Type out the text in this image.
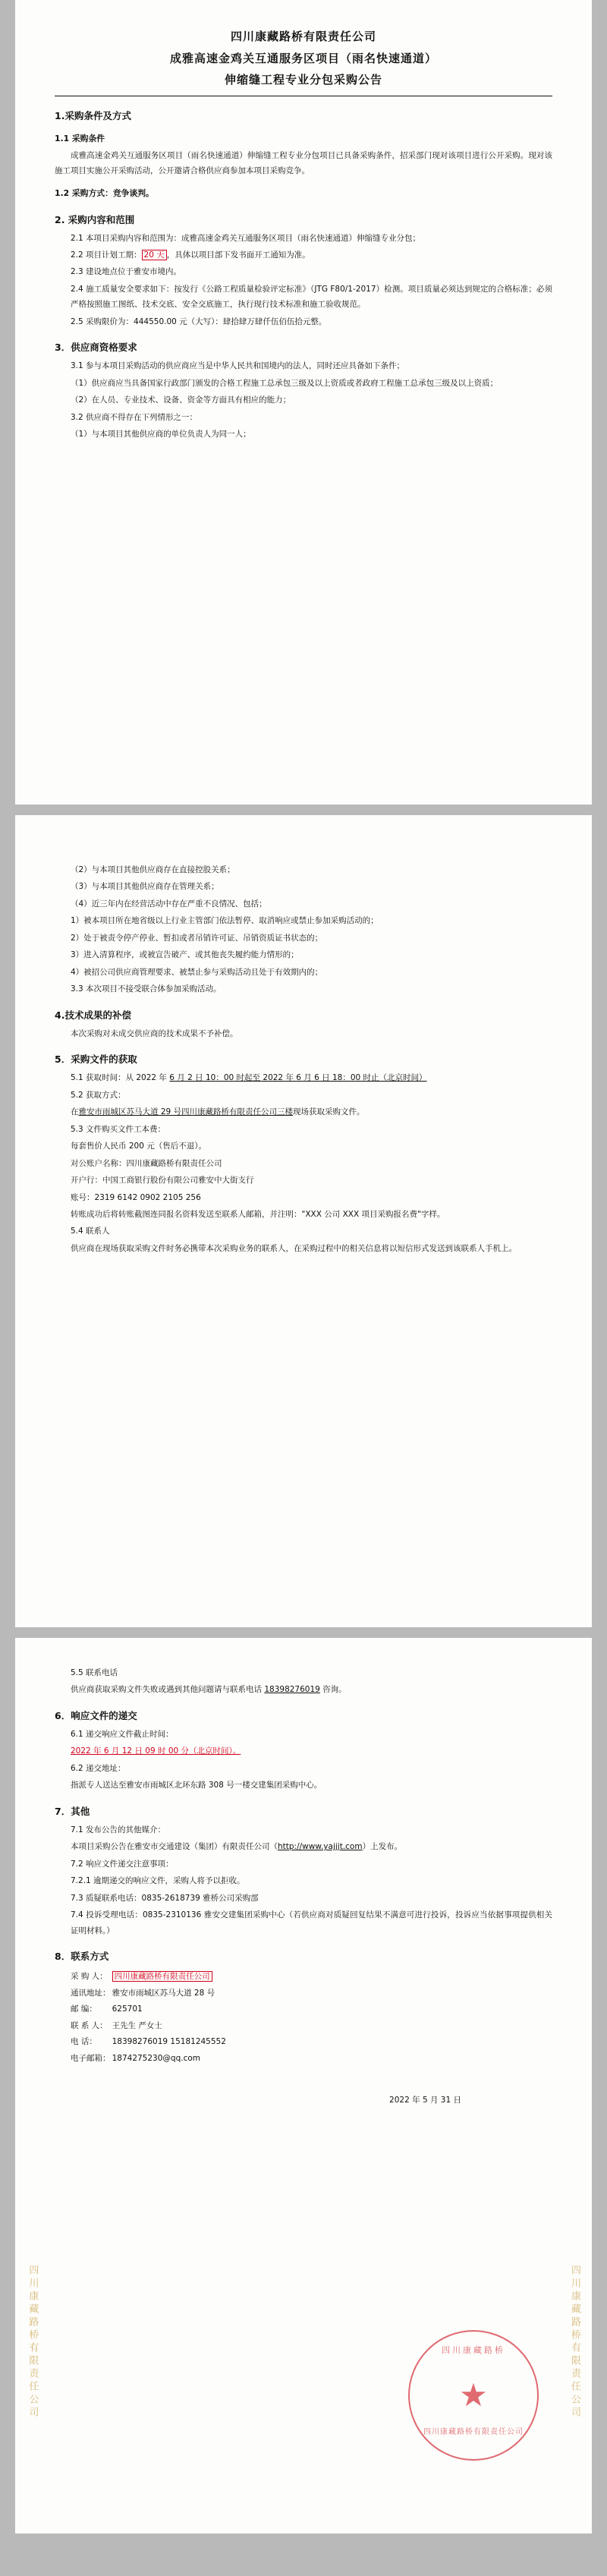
四川康藏路桥有限责任公司
成雅高速金鸡关互通服务区项目（雨名快速通道）
伸缩缝工程专业分包采购公告
1.采购条件及方式
1.1 采购条件

成雅高速金鸡关互通服务区项目（雨名快速通道）伸缩缝工程专业分包项目已具备采购条件，招采部门现对该项目进行公开采购。现对该施工项目实施公开采购活动，公开邀请合格供应商参加本项目采购竞争。

1.2 采购方式：竞争谈判。
2. 采购内容和范围

2.1 本项目采购内容和范围为：成雅高速金鸡关互通服务区项目（雨名快速通道）伸缩缝专业分包；

2.2 项目计划工期： 20 天 ，具体以项目部下发书面开工通知为准。

2.3 建设地点位于雅安市境内。

2.4 施工质量安全要求如下：按发行《公路工程质量检验评定标准》（JTG F80/1-2017）检测。项目质量必须达到规定的合格标准；必须严格按照施工图纸、技术交底、安全交底施工，执行现行技术标准和施工验收规范。

2.5 采购限价为：444550.00 元（大写）：肆拾肆万肆仟伍佰伍拾元整。

3．供应商资格要求

3.1 参与本项目采购活动的供应商应当是中华人民共和国境内的法人，同时还应具备如下条件；

（1）供应商应当具备国家行政部门颁发的合格工程施工总承包三级及以上资质或者政府工程施工总承包三级及以上资质；

（2）在人员、专业技术、设备、资金等方面具有相应的能力；

3.2 供应商不得存在下列情形之一：

（1）与本项目其他供应商的单位负责人为同一人；

（2）与本项目其他供应商存在直接控股关系；

（3）与本项目其他供应商存在管理关系；

（4）近三年内在经营活动中存在严重不良情况、包括；

1）被本项目所在地省级以上行业主管部门依法暂停、取消响应或禁止参加采购活动的；

2）处于被责令停产停业、暂扣或者吊销许可证、吊销资质证书状态的；

3）进入清算程序，或被宣告破产、或其他丧失履约能力情形的；

4）被招公司供应商管理要求、被禁止参与采购活动且处于有效期内的；

3.3 本次项目不接受联合体参加采购活动。

4.技术成果的补偿

本次采购对未成交供应商的技术成果不予补偿。

5．采购文件的获取

5.1 获取时间：从 2022 年 6 月 2 日 10：00 时起至 2022 年 6 月 6 日 18：00 时止（北京时间）

5.2 获取方式：

在雅安市雨城区苏马大道 29 号四川康藏路桥有限责任公司三楼现场获取采购文件。

5.3 文件购买文件工本费：

每套售价人民币 200 元（售后不退）。

对公账户名称：四川康藏路桥有限责任公司

开户行：中国工商银行股份有限公司雅安中大街支行

账号：2319 6142 0902 2105 256

转账成功后将转账截图连同报名资料发送至联系人邮箱，并注明："XXX 公司 XXX 项目采购报名费"字样。

5.4 联系人

供应商在现场获取采购文件时务必携带本次采购业务的联系人，在采购过程中的相关信息将以短信形式发送到该联系人手机上。

5.5 联系电话

供应商获取采购文件失败或遇到其他问题请与联系电话 18398276019 咨询。

6．响应文件的递交

6.1 递交响应文件截止时间：

2022 年 6 月 12 日 09 时 00 分（北京时间）。

6.2 递交地址：

指派专人送达至雅安市雨城区北环东路 308 号一楼交建集团采购中心。

7．其他

7.1 发布公告的其他媒介：

本项目采购公告在雅安市交通建设（集团）有限责任公司（http://www.yajjjt.com）上发布。

7.2 响应文件递交注意事项：

7.2.1 逾期递交的响应文件，采购人将予以拒收。

7.3 质疑联系电话：0835-2618739 雅桥公司采购部

7.4 投诉受理电话：0835-2310136 雅安交建集团采购中心（若供应商对质疑回复结果不满意可进行投诉，投诉应当依据事项提供相关证明材料。）

8．联系方式
采 购 人： 四川康藏路桥有限责任公司
通讯地址： 雅安市雨城区苏马大道 28 号
邮 编： 625701
联 系 人： 王先生 严女士
电 话： 18398276019 15181245552
电子邮箱： 1874275230@qq.com
四川康藏路桥有限责任公司	四川康藏路桥有限责任公司
四川康藏路桥
★
四川康藏路桥有限责任公司
2022 年 5 月 31 日
